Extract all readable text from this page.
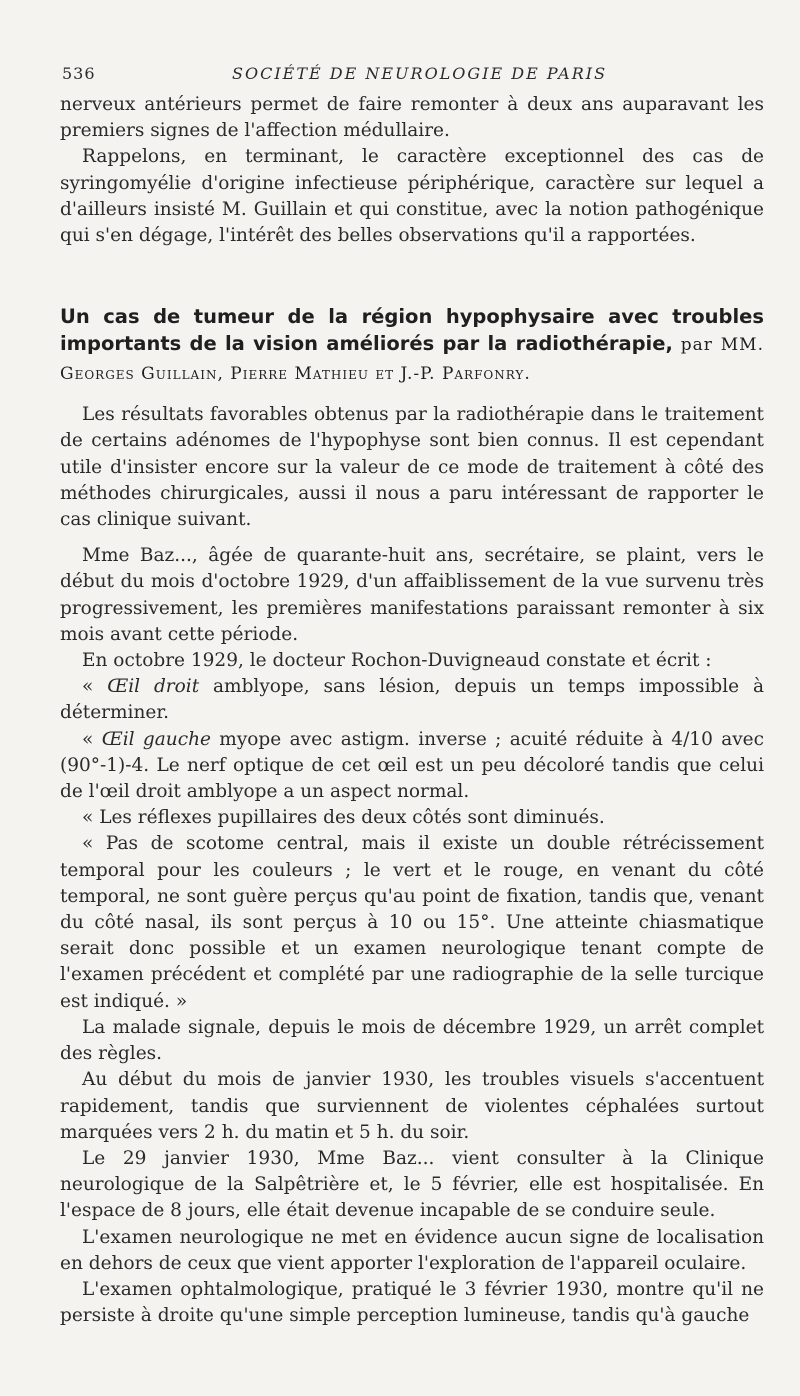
536	SOCIÉTÉ DE NEUROLOGIE DE PARIS

nerveux antérieurs permet de faire remonter à deux ans auparavant les premiers signes de l'affection médullaire.

Rappelons, en terminant, le caractère exceptionnel des cas de syringomyélie d'origine infectieuse périphérique, caractère sur lequel a d'ailleurs insisté M. Guillain et qui constitue, avec la notion pathogénique qui s'en dégage, l'intérêt des belles observations qu'il a rapportées.

Un cas de tumeur de la région hypophysaire avec troubles importants de la vision améliorés par la radiothérapie, par MM. Georges Guillain, Pierre Mathieu et J.-P. Parfonry.

Les résultats favorables obtenus par la radiothérapie dans le traitement de certains adénomes de l'hypophyse sont bien connus. Il est cependant utile d'insister encore sur la valeur de ce mode de traitement à côté des méthodes chirurgicales, aussi il nous a paru intéressant de rapporter le cas clinique suivant.

Mme Baz..., âgée de quarante-huit ans, secrétaire, se plaint, vers le début du mois d'octobre 1929, d'un affaiblissement de la vue survenu très progressivement, les premières manifestations paraissant remonter à six mois avant cette période.

En octobre 1929, le docteur Rochon-Duvigneaud constate et écrit :

« Œil droit amblyope, sans lésion, depuis un temps impossible à déterminer.

« Œil gauche myope avec astigm. inverse ; acuité réduite à 4/10 avec (90°-1)-4. Le nerf optique de cet œil est un peu décoloré tandis que celui de l'œil droit amblyope a un aspect normal.

« Les réflexes pupillaires des deux côtés sont diminués.

« Pas de scotome central, mais il existe un double rétrécissement temporal pour les couleurs ; le vert et le rouge, en venant du côté temporal, ne sont guère perçus qu'au point de fixation, tandis que, venant du côté nasal, ils sont perçus à 10 ou 15°. Une atteinte chiasmatique serait donc possible et un examen neurologique tenant compte de l'examen précédent et complété par une radiographie de la selle turcique est indiqué. »

La malade signale, depuis le mois de décembre 1929, un arrêt complet des règles.

Au début du mois de janvier 1930, les troubles visuels s'accentuent rapidement, tandis que surviennent de violentes céphalées surtout marquées vers 2 h. du matin et 5 h. du soir.

Le 29 janvier 1930, Mme Baz... vient consulter à la Clinique neurologique de la Salpêtrière et, le 5 février, elle est hospitalisée. En l'espace de 8 jours, elle était devenue incapable de se conduire seule.

L'examen neurologique ne met en évidence aucun signe de localisation en dehors de ceux que vient apporter l'exploration de l'appareil oculaire.

L'examen ophtalmologique, pratiqué le 3 février 1930, montre qu'il ne persiste à droite qu'une simple perception lumineuse, tandis qu'à gauche
